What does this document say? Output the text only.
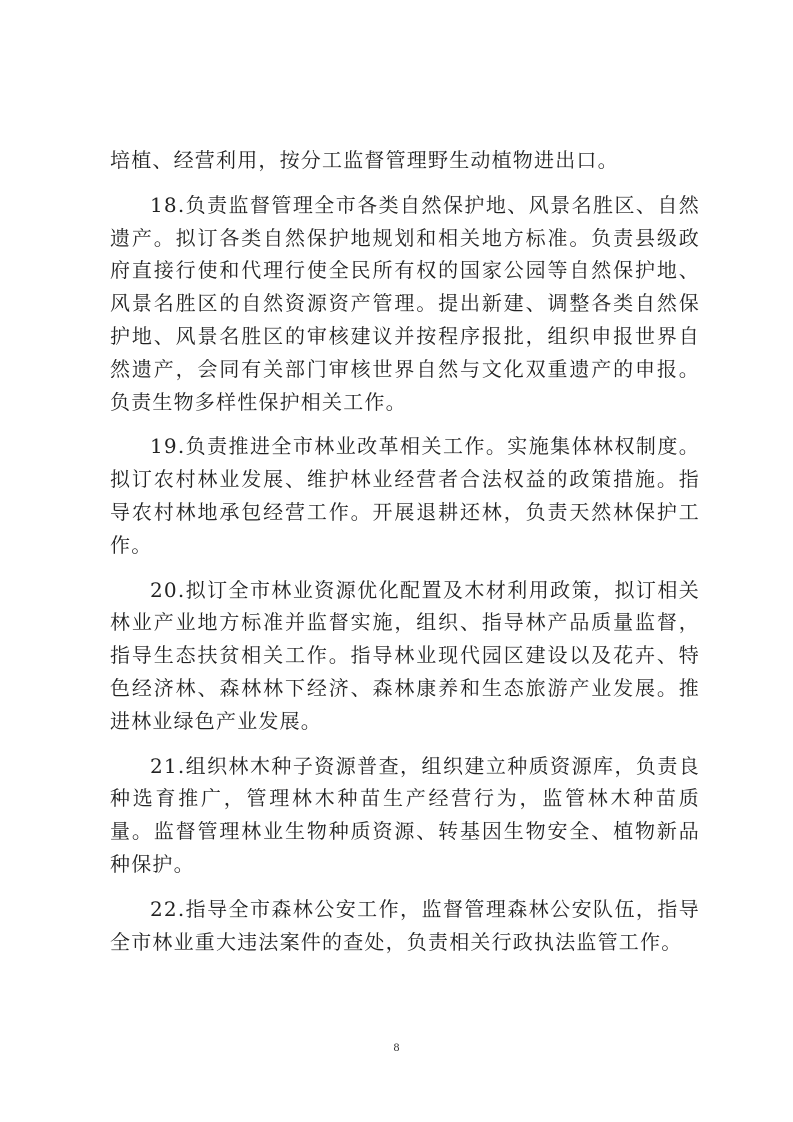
培植、经营利用，按分工监督管理野生动植物进出口。

18.负责监督管理全市各类自然保护地、风景名胜区、自然遗产。拟订各类自然保护地规划和相关地方标准。负责县级政府直接行使和代理行使全民所有权的国家公园等自然保护地、风景名胜区的自然资源资产管理。提出新建、调整各类自然保护地、风景名胜区的审核建议并按程序报批，组织申报世界自然遗产，会同有关部门审核世界自然与文化双重遗产的申报。负责生物多样性保护相关工作。

19.负责推进全市林业改革相关工作。实施集体林权制度。拟订农村林业发展、维护林业经营者合法权益的政策措施。指导农村林地承包经营工作。开展退耕还林，负责天然林保护工作。

20.拟订全市林业资源优化配置及木材利用政策，拟订相关林业产业地方标准并监督实施，组织、指导林产品质量监督，指导生态扶贫相关工作。指导林业现代园区建设以及花卉、特色经济林、森林林下经济、森林康养和生态旅游产业发展。推进林业绿色产业发展。

21.组织林木种子资源普查，组织建立种质资源库，负责良种选育推广，管理林木种苗生产经营行为，监管林木种苗质量。监督管理林业生物种质资源、转基因生物安全、植物新品种保护。

22.指导全市森林公安工作，监督管理森林公安队伍，指导全市林业重大违法案件的查处，负责相关行政执法监管工作。

8
